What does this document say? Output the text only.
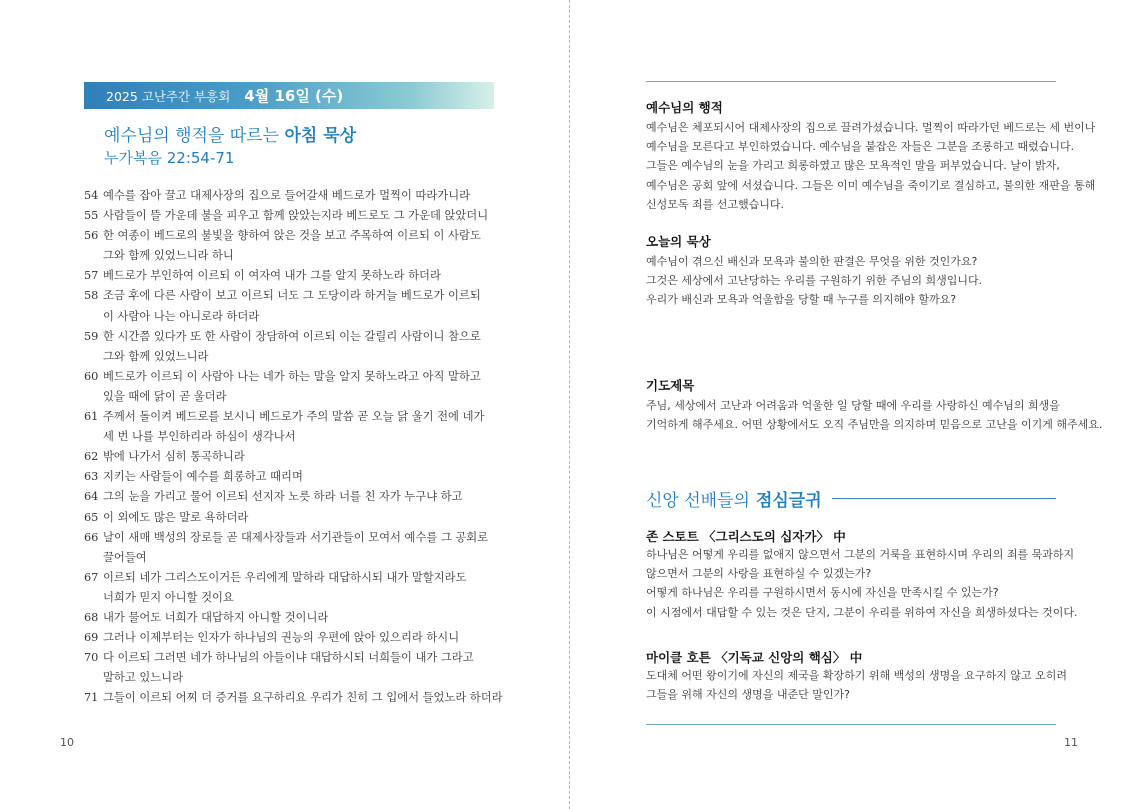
2025 고난주간 부흥회 4월 16일 (수)
예수님의 행적을 따르는 아침 묵상
누가복음 22:54-71
54 예수를 잡아 끌고 대제사장의 집으로 들어갈새 베드로가 멀찍이 따라가니라
55 사람들이 뜰 가운데 불을 피우고 함께 앉았는지라 베드로도 그 가운데 앉았더니
56 한 여종이 베드로의 불빛을 향하여 앉은 것을 보고 주목하여 이르되 이 사람도
그와 함께 있었느니라 하니
57 베드로가 부인하여 이르되 이 여자여 내가 그를 알지 못하노라 하더라
58 조금 후에 다른 사람이 보고 이르되 너도 그 도당이라 하거늘 베드로가 이르되
이 사람아 나는 아니로라 하더라
59 한 시간쯤 있다가 또 한 사람이 장담하여 이르되 이는 갈릴리 사람이니 참으로
그와 함께 있었느니라
60 베드로가 이르되 이 사람아 나는 네가 하는 말을 알지 못하노라고 아직 말하고
있을 때에 닭이 곧 울더라
61 주께서 돌이켜 베드로를 보시니 베드로가 주의 말씀 곧 오늘 닭 울기 전에 네가
세 번 나를 부인하리라 하심이 생각나서
62 밖에 나가서 심히 통곡하니라
63 지키는 사람들이 예수를 희롱하고 때리며
64 그의 눈을 가리고 물어 이르되 선지자 노릇 하라 너를 친 자가 누구냐 하고
65 이 외에도 많은 말로 욕하더라
66 날이 새매 백성의 장로들 곧 대제사장들과 서기관들이 모여서 예수를 그 공회로
끌어들여
67 이르되 네가 그리스도이거든 우리에게 말하라 대답하시되 내가 말할지라도
너희가 믿지 아니할 것이요
68 내가 물어도 너희가 대답하지 아니할 것이니라
69 그러나 이제부터는 인자가 하나님의 권능의 우편에 앉아 있으리라 하시니
70 다 이르되 그러면 네가 하나님의 아들이냐 대답하시되 너희들이 내가 그라고
말하고 있느니라
71 그들이 이르되 어찌 더 증거를 요구하리요 우리가 친히 그 입에서 들었노라 하더라
10
예수님의 행적
예수님은 체포되시어 대제사장의 집으로 끌려가셨습니다. 멀찍이 따라가던 베드로는 세 번이나
예수님을 모른다고 부인하였습니다. 예수님을 붙잡은 자들은 그분을 조롱하고 때렸습니다.
그들은 예수님의 눈을 가리고 희롱하였고 많은 모욕적인 말을 퍼부었습니다. 날이 밝자,
예수님은 공회 앞에 서셨습니다. 그들은 이미 예수님을 죽이기로 결심하고, 불의한 재판을 통해
신성모독 죄를 선고했습니다.
오늘의 묵상
예수님이 겪으신 배신과 모욕과 불의한 판결은 무엇을 위한 것인가요?
그것은 세상에서 고난당하는 우리를 구원하기 위한 주님의 희생입니다.
우리가 배신과 모욕과 억울함을 당할 때 누구를 의지해야 할까요?
기도제목
주님, 세상에서 고난과 어려움과 억울한 일 당할 때에 우리를 사랑하신 예수님의 희생을
기억하게 해주세요. 어떤 상황에서도 오직 주님만을 의지하며 믿음으로 고난을 이기게 해주세요.
신앙 선배들의 점심글귀
존 스토트 〈그리스도의 십자가〉 中
하나님은 어떻게 우리를 없애지 않으면서 그분의 거룩을 표현하시며 우리의 죄를 묵과하지
않으면서 그분의 사랑을 표현하실 수 있겠는가?
어떻게 하나님은 우리를 구원하시면서 동시에 자신을 만족시킬 수 있는가?
이 시점에서 대답할 수 있는 것은 단지, 그분이 우리를 위하여 자신을 희생하셨다는 것이다.
마이클 호튼 〈기독교 신앙의 핵심〉 中
도대체 어떤 왕이기에 자신의 제국을 확장하기 위해 백성의 생명을 요구하지 않고 오히려
그들을 위해 자신의 생명을 내준단 말인가?
11
